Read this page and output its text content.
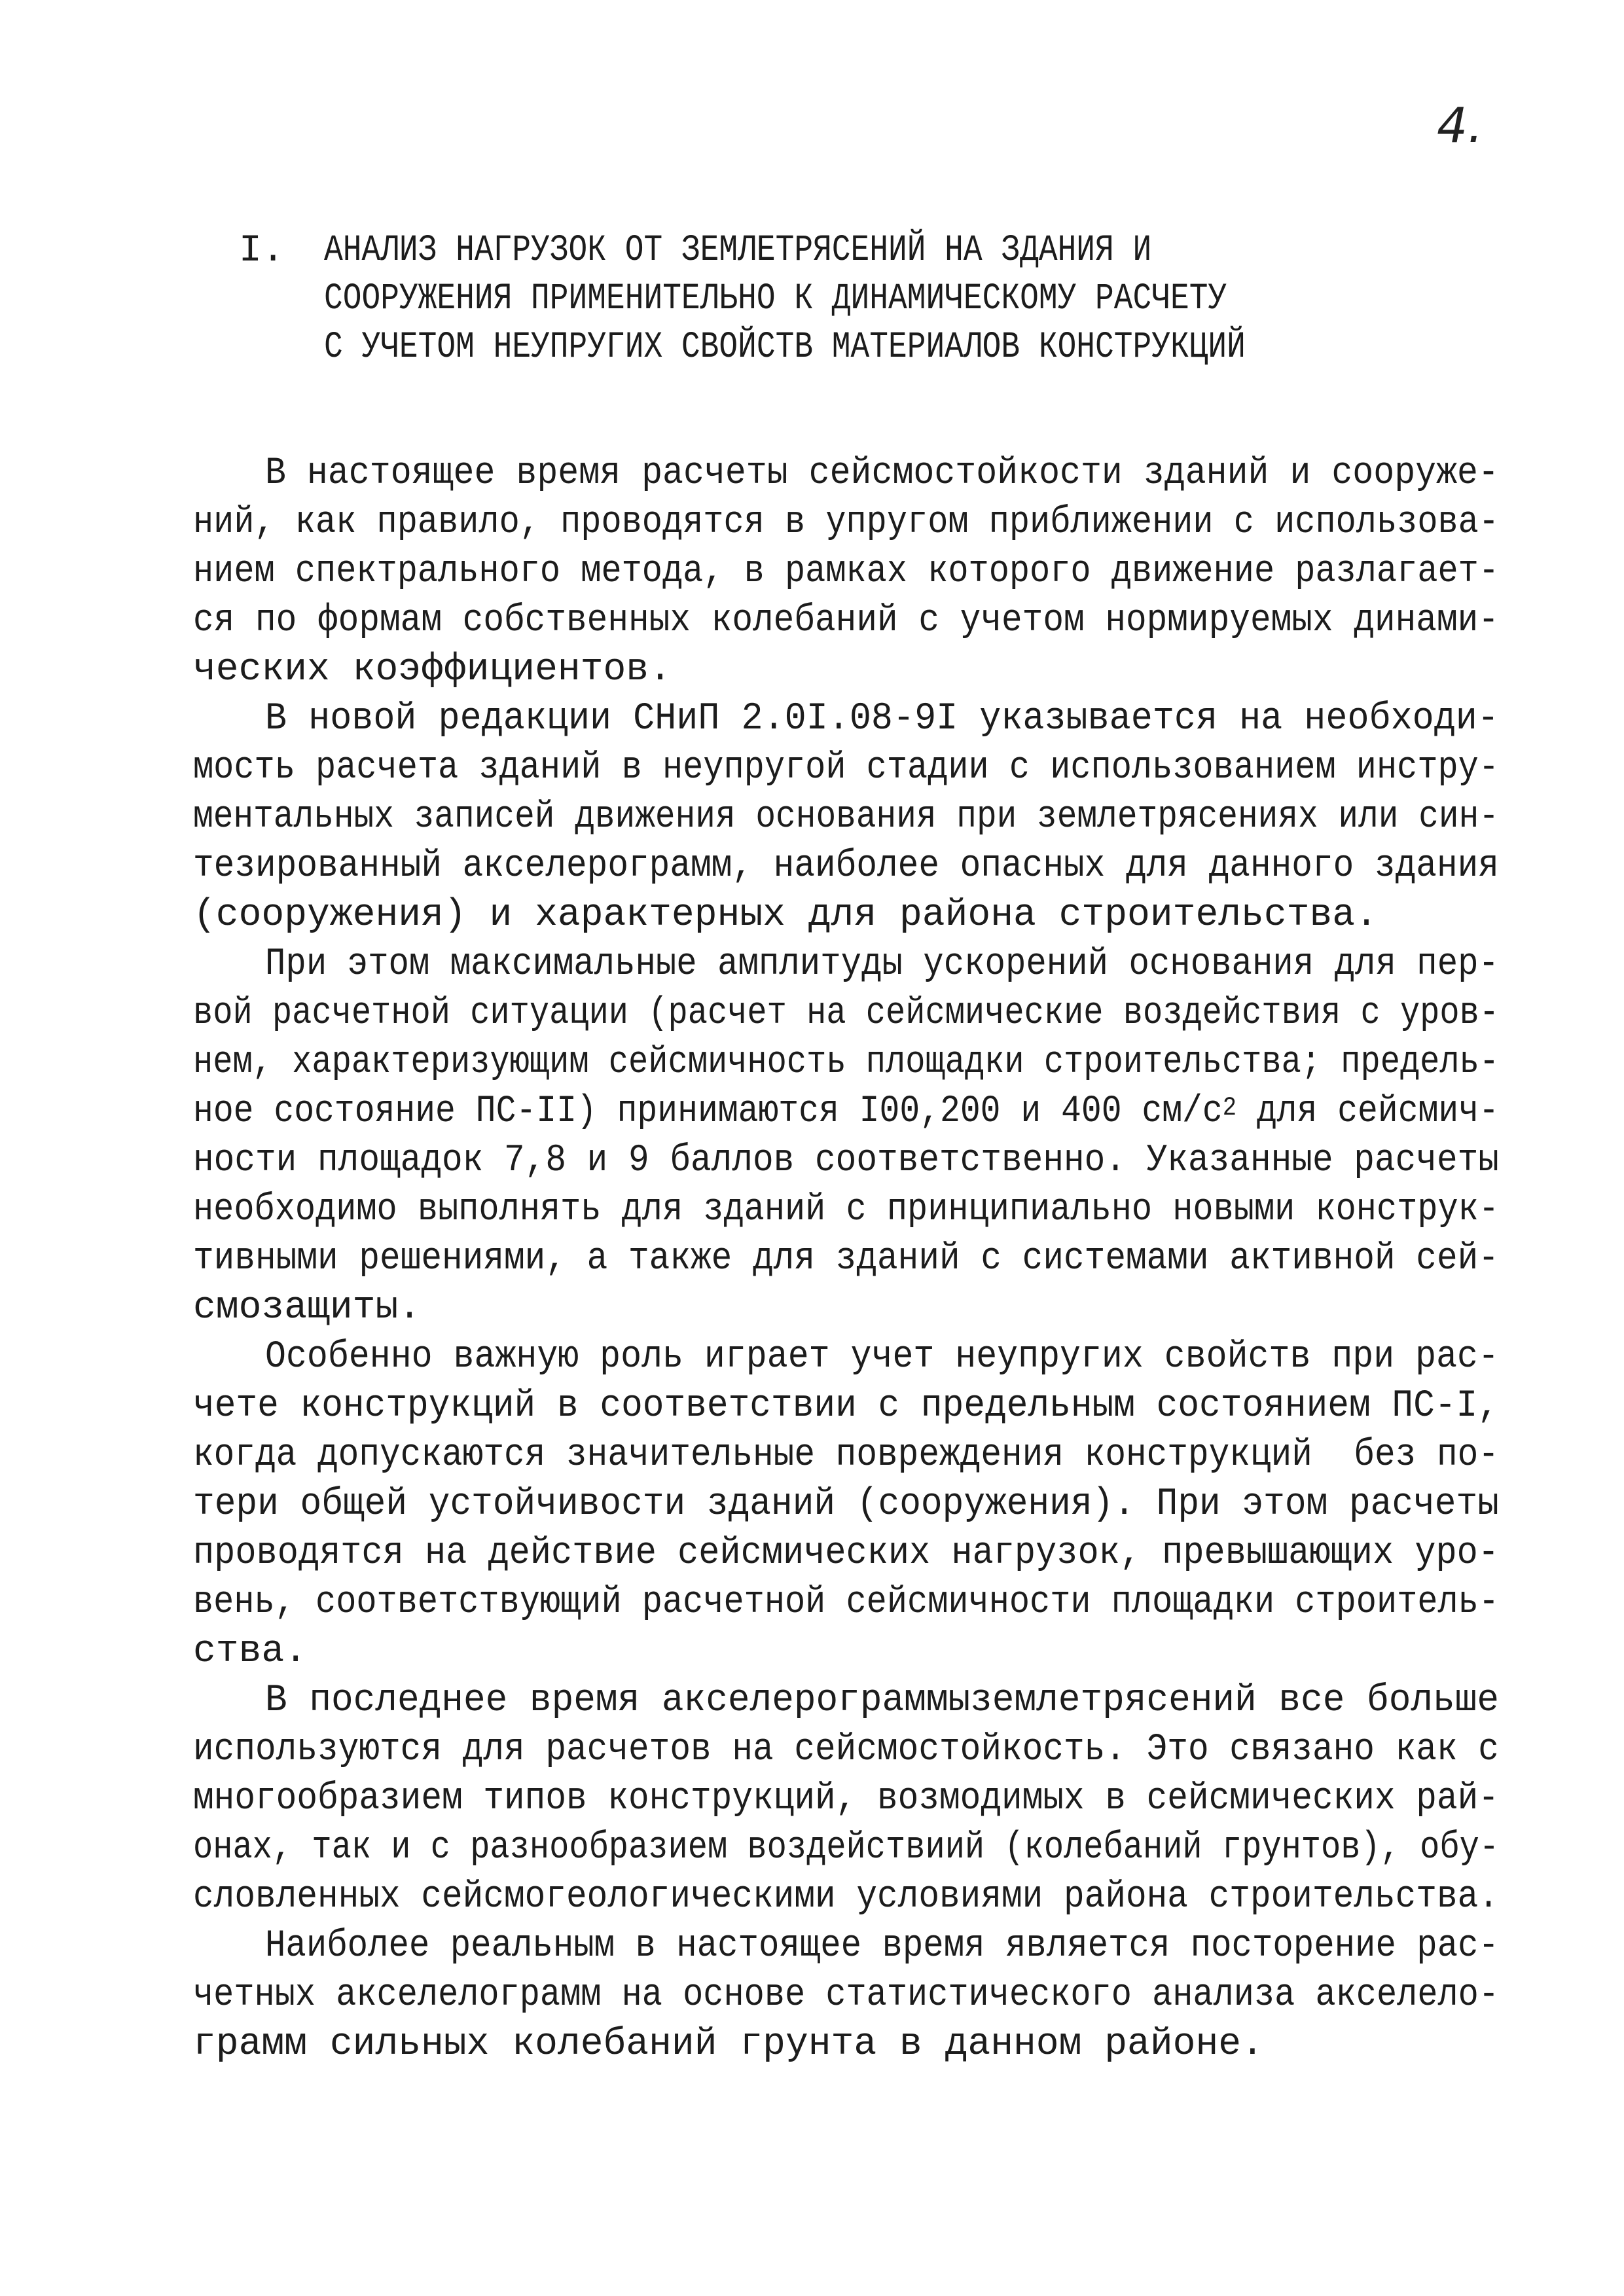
4.
I. АНАЛИЗ НАГРУЗОК ОТ ЗЕМЛЕТРЯСЕНИЙ НА ЗДАНИЯ И
СООРУЖЕНИЯ ПРИМЕНИТЕЛЬНО К ДИНАМИЧЕСКОМУ РАСЧЕТУ
С УЧЕТОМ НЕУПРУГИХ СВОЙСТВ МАТЕРИАЛОВ КОНСТРУКЦИЙ
В настоящее время расчеты сейсмостойкости зданий и сооруже-
ний, как правило, проводятся в упругом приближении с использова-
нием спектрального метода, в рамках которого движение разлагает-
ся по формам собственных колебаний с учетом нормируемых динами-
ческих коэффициентов.
В новой редакции СНиП 2.0I.08-9I указывается на необходи-
мость расчета зданий в неупругой стадии с использованием инстру-
ментальных записей движения основания при землетрясениях или син-
тезированный акселерограмм, наиболее опасных для данного здания
(сооружения) и характерных для района строительства.
При этом максимальные амплитуды ускорений основания для пер-
вой расчетной ситуации (расчет на сейсмические воздействия с уров-
нем, характеризующим сейсмичность площадки строительства; предель-
ное состояние ПС-II) принимаются I00,200 и 400 $см/с^2$ для сейсмич-
ности площадок 7,8 и 9 баллов соответственно. Указанные расчеты
необходимо выполнять для зданий с принципиально новыми конструк-
тивными решениями, а также для зданий с системами активной сей-
смозащиты.
Особенно важную роль играет учет неупругих свойств при рас-
чете конструкций в соответствии с предельным состоянием ПС-I,
когда допускаются значительные повреждения конструкций  без по-
тери общей устойчивости зданий (сооружения). При этом расчеты
проводятся на действие сейсмических нагрузок, превышающих уро-
вень, соответствующий расчетной сейсмичности площадки строитель-
ства.
В последнее время акселерограммыземлетрясений все больше
используются для расчетов на сейсмостойкость. Это связано как с
многообразием типов конструкций, возмодимых в сейсмических рай-
онах, так и с разнообразием воздействиий (колебаний грунтов), обу-
словленных сейсмогеологическими условиями района строительства.
Наиболее реальным в настоящее время является посторение рас-
четных акселелограмм на основе статистического анализа акселело-
грамм сильных колебаний грунта в данном районе.
